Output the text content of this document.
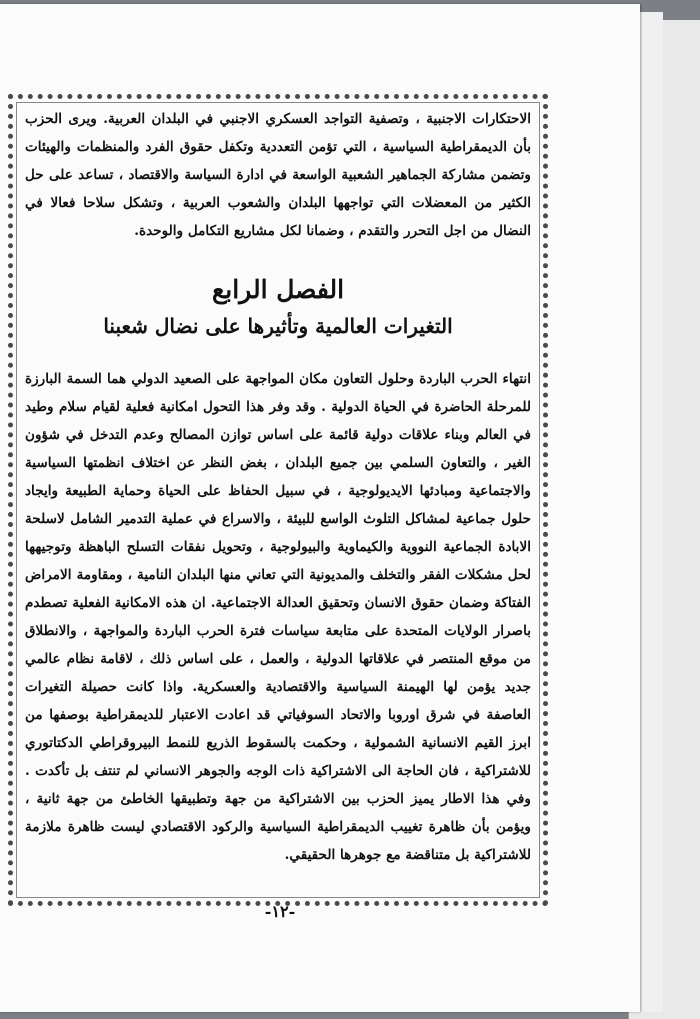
الاحتكارات الاجنبية ، وتصفية التواجد العسكري الاجنبي في البلدان العربية. ويرى الحزب بأن الديمقراطية السياسية ، التي تؤمن التعددية وتكفل حقوق الفرد والمنظمات والهيئات وتضمن مشاركة الجماهير الشعبية الواسعة في ادارة السياسة والاقتصاد ، تساعد على حل الكثير من المعضلات التي تواجهها البلدان والشعوب العربية ، وتشكل سلاحا فعالا في النضال من اجل التحرر والتقدم ، وضمانا لكل مشاريع التكامل والوحدة.

الفصل الرابع

التغيرات العالمية وتأثيرها على نضال شعبنا

انتهاء الحرب الباردة وحلول التعاون مكان المواجهة على الصعيد الدولي هما السمة البارزة للمرحلة الحاضرة في الحياة الدولية . وقد وفر هذا التحول امكانية فعلية لقيام سلام وطيد في العالم وبناء علاقات دولية قائمة على اساس توازن المصالح وعدم التدخل في شؤون الغير ، والتعاون السلمي بين جميع البلدان ، بغض النظر عن اختلاف انظمتها السياسية والاجتماعية ومبادئها الايديولوجية ، في سبيل الحفاظ على الحياة وحماية الطبيعة وايجاد حلول جماعية لمشاكل التلوث الواسع للبيئة ، والاسراع في عملية التدمير الشامل لاسلحة الابادة الجماعية النووية والكيماوية والبيولوجية ، وتحويل نفقات التسلح الباهظة وتوجيهها لحل مشكلات الفقر والتخلف والمديونية التي تعاني منها البلدان النامية ، ومقاومة الامراض الفتاكة وضمان حقوق الانسان وتحقيق العدالة الاجتماعية. ان هذه الامكانية الفعلية تصطدم باصرار الولايات المتحدة على متابعة سياسات فترة الحرب الباردة والمواجهة ، والانطلاق من موقع المنتصر في علاقاتها الدولية ، والعمل ، على اساس ذلك ، لاقامة نظام عالمي جديد يؤمن لها الهيمنة السياسية والاقتصادية والعسكرية. واذا كانت حصيلة التغيرات العاصفة في شرق اوروبا والاتحاد السوفياتي قد اعادت الاعتبار للديمقراطية بوصفها من ابرز القيم الانسانية الشمولية ، وحكمت بالسقوط الذريع للنمط البيروقراطي الدكتاتوري للاشتراكية ، فان الحاجة الى الاشتراكية ذات الوجه والجوهر الانساني لم تنتف بل تأكدت . وفي هذا الاطار يميز الحزب بين الاشتراكية من جهة وتطبيقها الخاطئ من جهة ثانية ، ويؤمن بأن ظاهرة تغييب الديمقراطية السياسية والركود الاقتصادي ليست ظاهرة ملازمة للاشتراكية بل متناقضة مع جوهرها الحقيقي.

-١٢-
